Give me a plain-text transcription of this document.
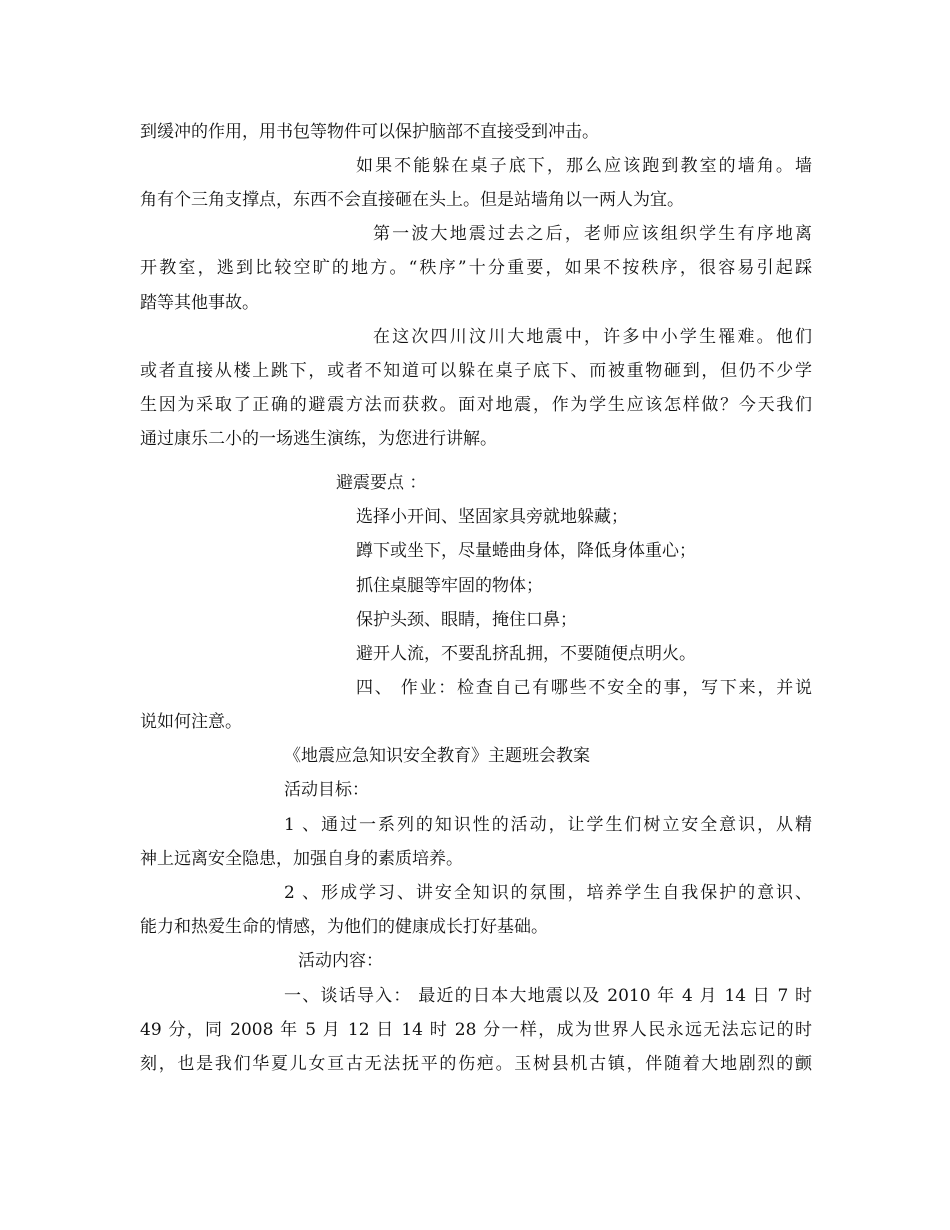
到缓冲的作用，用书包等物件可以保护脑部不直接受到冲击。
如果不能躲在桌子底下，那么应该跑到教室的墙角。墙
角有个三角支撑点，东西不会直接砸在头上。但是站墙角以一两人为宜。
第一波大地震过去之后，老师应该组织学生有序地离
开教室，逃到比较空旷的地方。“秩序”十分重要，如果不按秩序，很容易引起踩
踏等其他事故。
在这次四川汶川大地震中，许多中小学生罹难。他们
或者直接从楼上跳下，或者不知道可以躲在桌子底下、而被重物砸到，但仍不少学
生因为采取了正确的避震方法而获救。面对地震，作为学生应该怎样做？今天我们
通过康乐二小的一场逃生演练，为您进行讲解。
避震要点 ：
选择小开间、坚固家具旁就地躲藏；
蹲下或坐下，尽量蜷曲身体，降低身体重心；
抓住桌腿等牢固的物体；
保护头颈、眼睛，掩住口鼻；
避开人流，不要乱挤乱拥，不要随便点明火。
四、 作业：检查自己有哪些不安全的事，写下来，并说
说如何注意。
《地震应急知识安全教育》主题班会教案
活动目标：
1 、通过一系列的知识性的活动，让学生们树立安全意识，从精
神上远离安全隐患，加强自身的素质培养。
2 、形成学习、讲安全知识的氛围，培养学生自我保护的意识、
能力和热爱生命的情感，为他们的健康成长打好基础。
活动内容：
一、谈话导入： 最近的日本大地震以及 2010 年 4 月 14 日 7 时
49 分，同 2008 年 5 月 12 日 14 时 28 分一样，成为世界人民永远无法忘记的时
刻，也是我们华夏儿女亘古无法抚平的伤疤。玉树县机古镇，伴随着大地剧烈的颤
